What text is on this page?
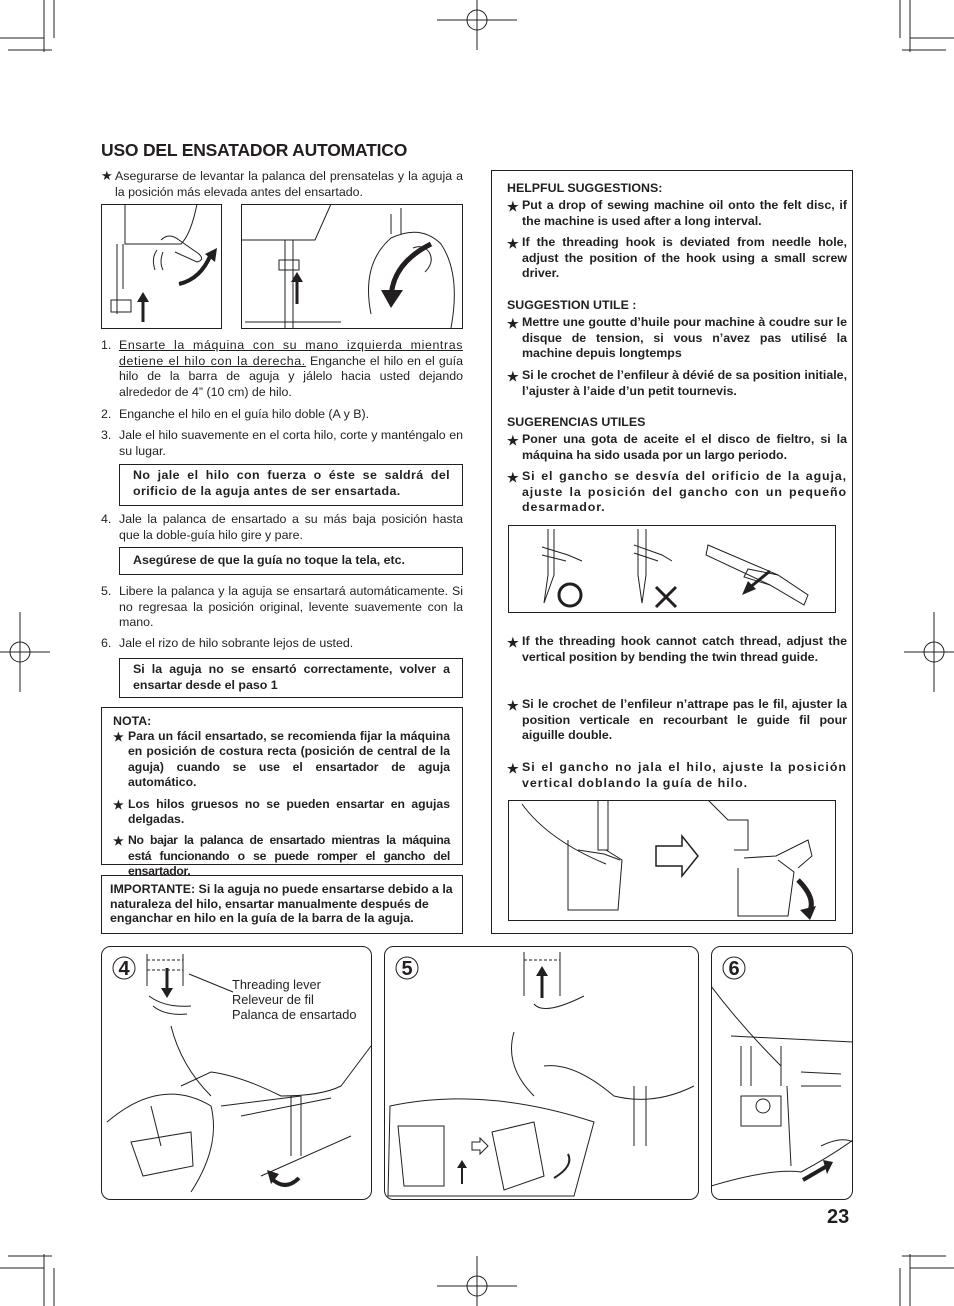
USO DEL ENSATADOR AUTOMATICO
★ Asegurarse de levantar la palanca del prensatelas y la aguja a la posición más elevada antes del ensartado.
1. Ensarte la máquina con su mano izquierda mientras detiene el hilo con la derecha. Enganche el hilo en el guía hilo de la barra de aguja y jálelo hacia usted dejando alrededor de 4” (10 cm) de hilo.
2. Enganche el hilo en el guía hilo doble (A y B).
3. Jale el hilo suavemente en el corta hilo, corte y manténgalo en su lugar.
No jale el hilo con fuerza o éste se saldrá del orificio de la aguja antes de ser ensartada.
4. Jale la palanca de ensartado a su más baja posición hasta que la doble-guía hilo gire y pare.
Asegúrese de que la guía no toque la tela, etc.
5. Libere la palanca y la aguja se ensartará automáticamente. Si no regresaa la posición original, levente suavemente con la mano.
6. Jale el rizo de hilo sobrante lejos de usted.
Si la aguja no se ensartó correctamente, volver a ensartar desde el paso 1
NOTA:
★ Para un fácil ensartado, se recomienda fijar la máquina en posición de costura recta (posición de central de la aguja) cuando se use el ensartador de aguja automático.
★ Los hilos gruesos no se pueden ensartar en agujas delgadas.
★ No bajar la palanca de ensartado mientras la máquina está funcionando o se puede romper el gancho del ensartador.
IMPORTANTE: Si la aguja no puede ensartarse debido a la naturaleza del hilo, ensartar manualmente después de enganchar en hilo en la guía de la barra de la aguja.
HELPFUL SUGGESTIONS:
★ Put a drop of sewing machine oil onto the felt disc, if the machine is used after a long interval.
★ If the threading hook is deviated from needle hole, adjust the position of the hook using a small screw driver.
SUGGESTION UTILE :
★ Mettre une goutte d’huile pour machine à coudre sur le disque de tension, si vous n’avez pas utilisé la machine depuis longtemps
★ Si le crochet de l’enfileur à dévié de sa position initiale, l’ajuster à l’aide d’un petit tournevis.
SUGERENCIAS UTILES
★ Poner una gota de aceite el el disco de fieltro, si la máquina ha sido usada por un largo periodo.
★ Si el gancho se desvía del orificio de la aguja, ajuste la posición del gancho con un pequeño desarmador.
★ If the threading hook cannot catch thread, adjust the vertical position by bending the twin thread guide.
★ Si le crochet de l’enfileur n’attrape pas le fil, ajuster la position verticale en recourbant le guide fil pour aiguille double.
★ Si el gancho no jala el hilo, ajuste la posición vertical doblando la guía de hilo.
4
Threading lever
Releveur de fil
Palanca de ensartado
5	6
23
